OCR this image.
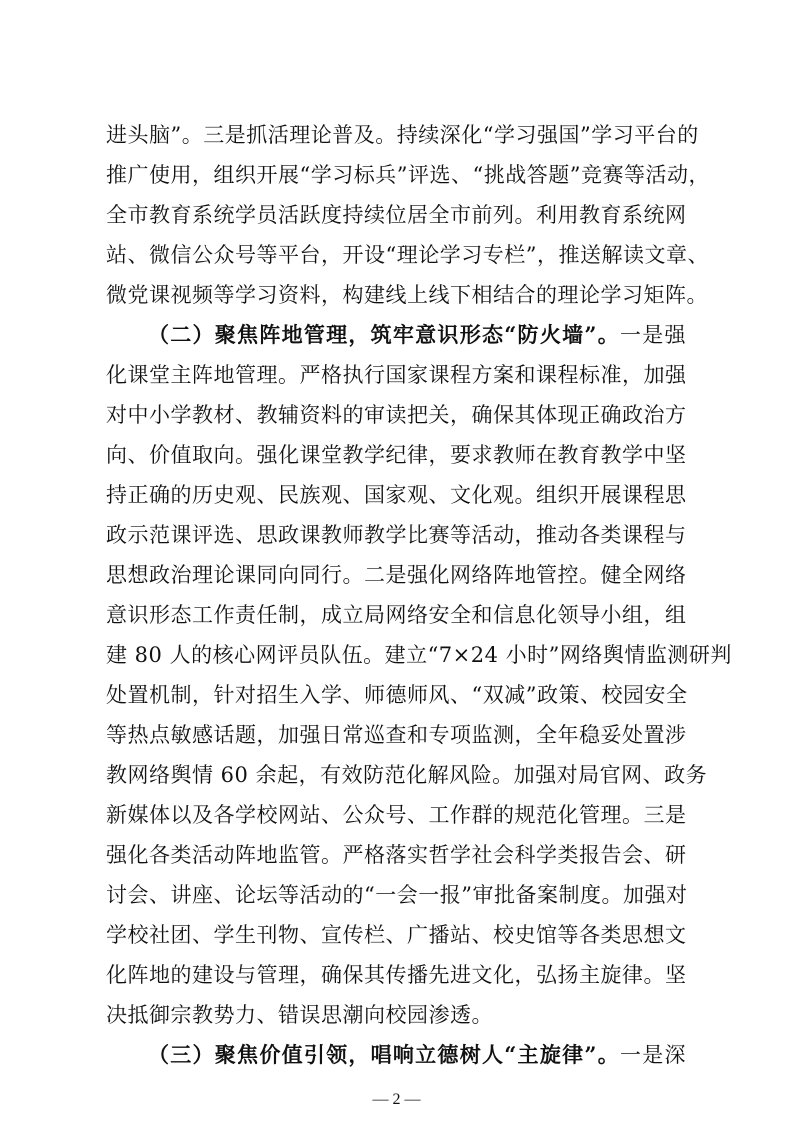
进头脑”。三是抓活理论普及。持续深化“学习强国”学习平台的
推广使用，组织开展“学习标兵”评选、“挑战答题”竞赛等活动，
全市教育系统学员活跃度持续位居全市前列。利用教育系统网
站、微信公众号等平台，开设“理论学习专栏”，推送解读文章、
微党课视频等学习资料，构建线上线下相结合的理论学习矩阵。
（二）聚焦阵地管理，筑牢意识形态“防火墙”。一是强
化课堂主阵地管理。严格执行国家课程方案和课程标准，加强
对中小学教材、教辅资料的审读把关，确保其体现正确政治方
向、价值取向。强化课堂教学纪律，要求教师在教育教学中坚
持正确的历史观、民族观、国家观、文化观。组织开展课程思
政示范课评选、思政课教师教学比赛等活动，推动各类课程与
思想政治理论课同向同行。二是强化网络阵地管控。健全网络
意识形态工作责任制，成立局网络安全和信息化领导小组，组
建 80 人的核心网评员队伍。建立“7×24 小时”网络舆情监测研判
处置机制，针对招生入学、师德师风、“双减”政策、校园安全
等热点敏感话题，加强日常巡查和专项监测，全年稳妥处置涉
教网络舆情 60 余起，有效防范化解风险。加强对局官网、政务
新媒体以及各学校网站、公众号、工作群的规范化管理。三是
强化各类活动阵地监管。严格落实哲学社会科学类报告会、研
讨会、讲座、论坛等活动的“一会一报”审批备案制度。加强对
学校社团、学生刊物、宣传栏、广播站、校史馆等各类思想文
化阵地的建设与管理，确保其传播先进文化，弘扬主旋律。坚
决抵御宗教势力、错误思潮向校园渗透。
（三）聚焦价值引领，唱响立德树人“主旋律”。一是深
— 2 —
